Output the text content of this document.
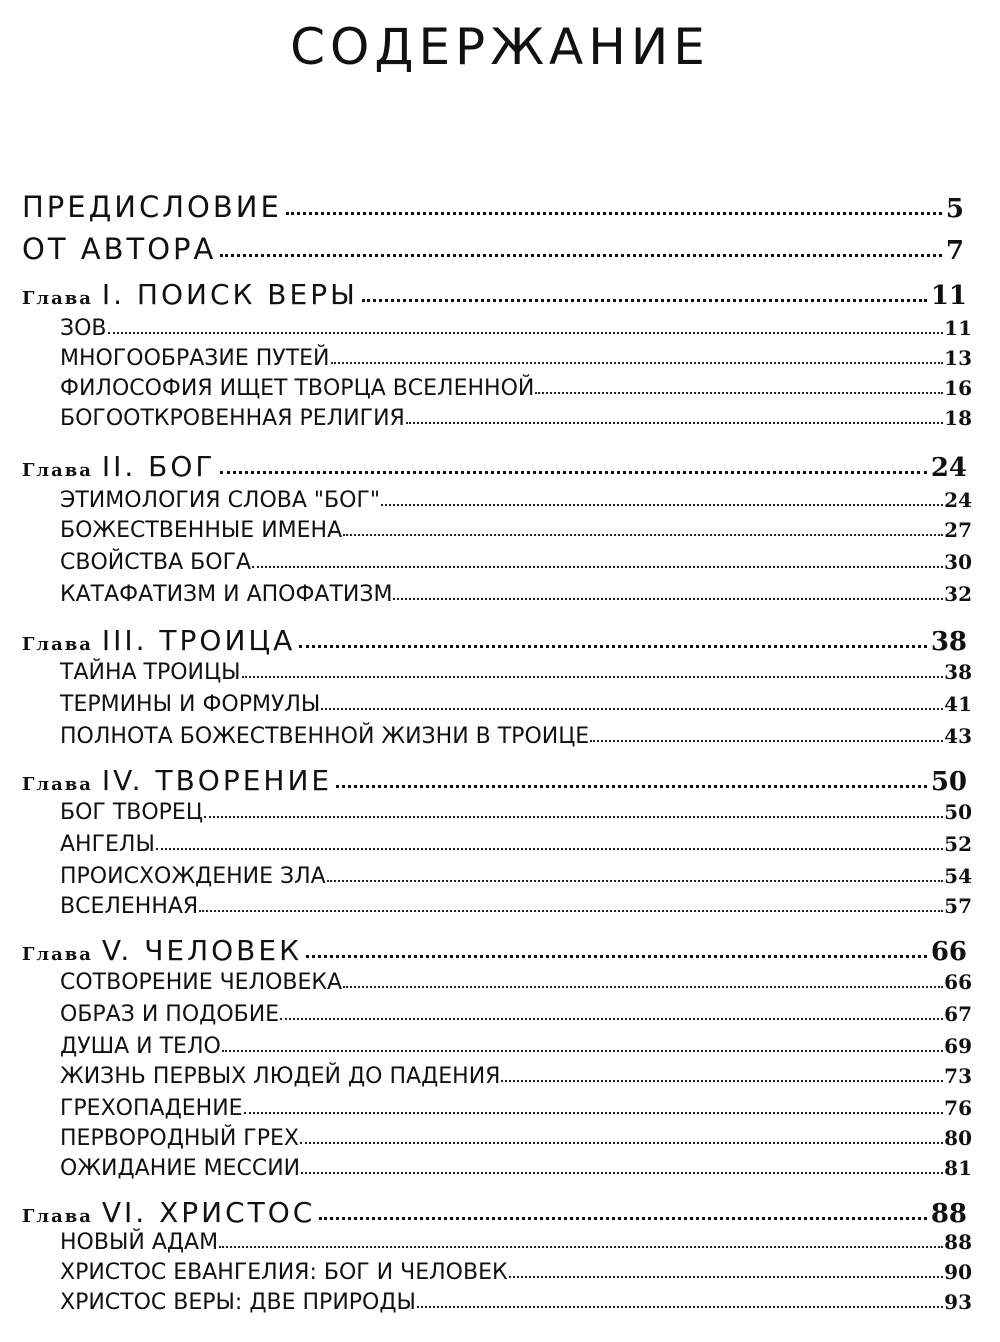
СОДЕРЖАНИЕ
ПРЕДИСЛОВИЕ	5
ОТ АВТОРА	7
Глава I. ПОИСК ВЕРЫ	11
ЗОВ	11
МНОГООБРАЗИЕ ПУТЕЙ	13
ФИЛОСОФИЯ ИЩЕТ ТВОРЦА ВСЕЛЕННОЙ	16
БОГООТКРОВЕННАЯ РЕЛИГИЯ	18
Глава II. БОГ	24
ЭТИМОЛОГИЯ СЛОВА "БОГ"	24
БОЖЕСТВЕННЫЕ ИМЕНА	27
СВОЙСТВА БОГА	30
КАТАФАТИЗМ И АПОФАТИЗМ	32
Глава III. ТРОИЦА	38
ТАЙНА ТРОИЦЫ	38
ТЕРМИНЫ И ФОРМУЛЫ	41
ПОЛНОТА БОЖЕСТВЕННОЙ ЖИЗНИ В ТРОИЦЕ	43
Глава IV. ТВОРЕНИЕ	50
БОГ ТВОРЕЦ	50
АНГЕЛЫ	52
ПРОИСХОЖДЕНИЕ ЗЛА	54
ВСЕЛЕННАЯ	57
Глава V. ЧЕЛОВЕК	66
СОТВОРЕНИЕ ЧЕЛОВЕКА	66
ОБРАЗ И ПОДОБИЕ	67
ДУША И ТЕЛО	69
ЖИЗНЬ ПЕРВЫХ ЛЮДЕЙ ДО ПАДЕНИЯ	73
ГРЕХОПАДЕНИЕ	76
ПЕРВОРОДНЫЙ ГРЕХ	80
ОЖИДАНИЕ МЕССИИ	81
Глава VI. ХРИСТОС	88
НОВЫЙ АДАМ	88
ХРИСТОС ЕВАНГЕЛИЯ: БОГ И ЧЕЛОВЕК	90
ХРИСТОС ВЕРЫ: ДВЕ ПРИРОДЫ	93
